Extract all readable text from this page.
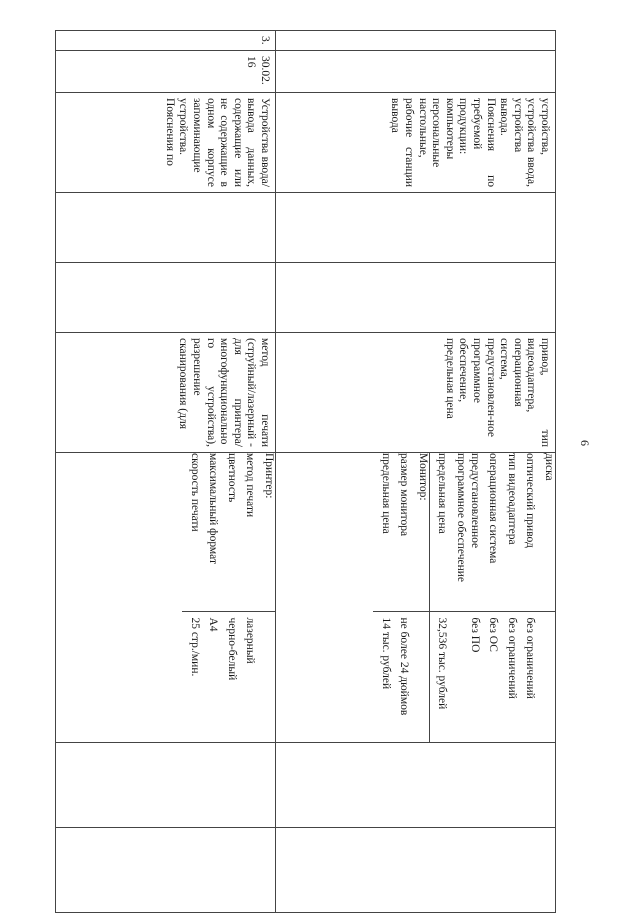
6
		устройства, устройства ввода, устройства вывода. Пояснения по требуемой продукции: компьютеры персональные настольные, рабочие станции вывода			привод, тип видеоадаптера, операционная система, предустановлен-ное программное обеспечение, предельная цена	
диска	
оптический привод	без ограничений
тип видеоадаптера	без ограничений
операционная система	без ОС
предустановленное программное обеспечение	без ПО
предельная цена	32,536 тыс. рублей
Монитор:	
размер монитора	не более 24 дюймов
предельная цена	14 тыс. рублей

3.	30.02.16	Устройства ввода/вывода данных, содержащие или не содержащие в одном корпусе запоминающие устройства. Пояснения по			метод печати (струйный/лазерный - для принтера/многофункционального устройства), разрешение сканирования (для	
Принтер:	
метод печати	лазерный
цветность	черно-белый
максимальный формат	А4
скорость печати	25 стр./мин.
